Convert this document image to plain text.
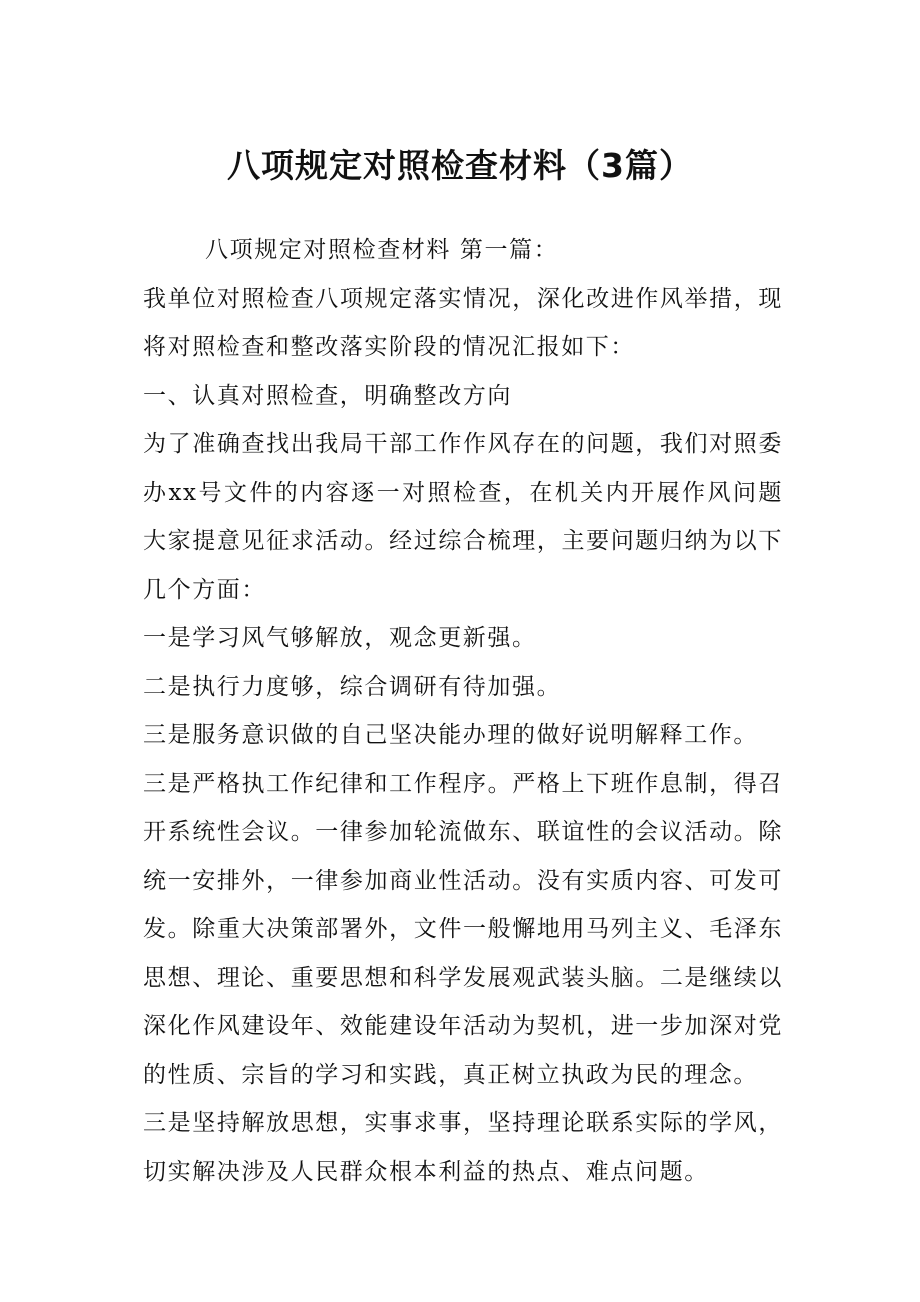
八项规定对照检查材料（3篇）

八项规定对照检查材料 第一篇：

我单位对照检查八项规定落实情况，深化改进作风举措，现将对照检查和整改落实阶段的情况汇报如下：

一、认真对照检查，明确整改方向

为了准确查找出我局干部工作作风存在的问题，我们对照委办xx号文件的内容逐一对照检查，在机关内开展作风问题大家提意见征求活动。经过综合梳理，主要问题归纳为以下几个方面：

一是学习风气够解放，观念更新强。

二是执行力度够，综合调研有待加强。

三是服务意识做的自己坚决能办理的做好说明解释工作。

三是严格执工作纪律和工作程序。严格上下班作息制，得召开系统性会议。一律参加轮流做东、联谊性的会议活动。除统一安排外，一律参加商业性活动。没有实质内容、可发可发。除重大决策部署外，文件一般懈地用马列主义、毛泽东思想、理论、重要思想和科学发展观武装头脑。二是继续以深化作风建设年、效能建设年活动为契机，进一步加深对党的性质、宗旨的学习和实践，真正树立执政为民的理念。

三是坚持解放思想，实事求事，坚持理论联系实际的学风，切实解决涉及人民群众根本利益的热点、难点问题。
